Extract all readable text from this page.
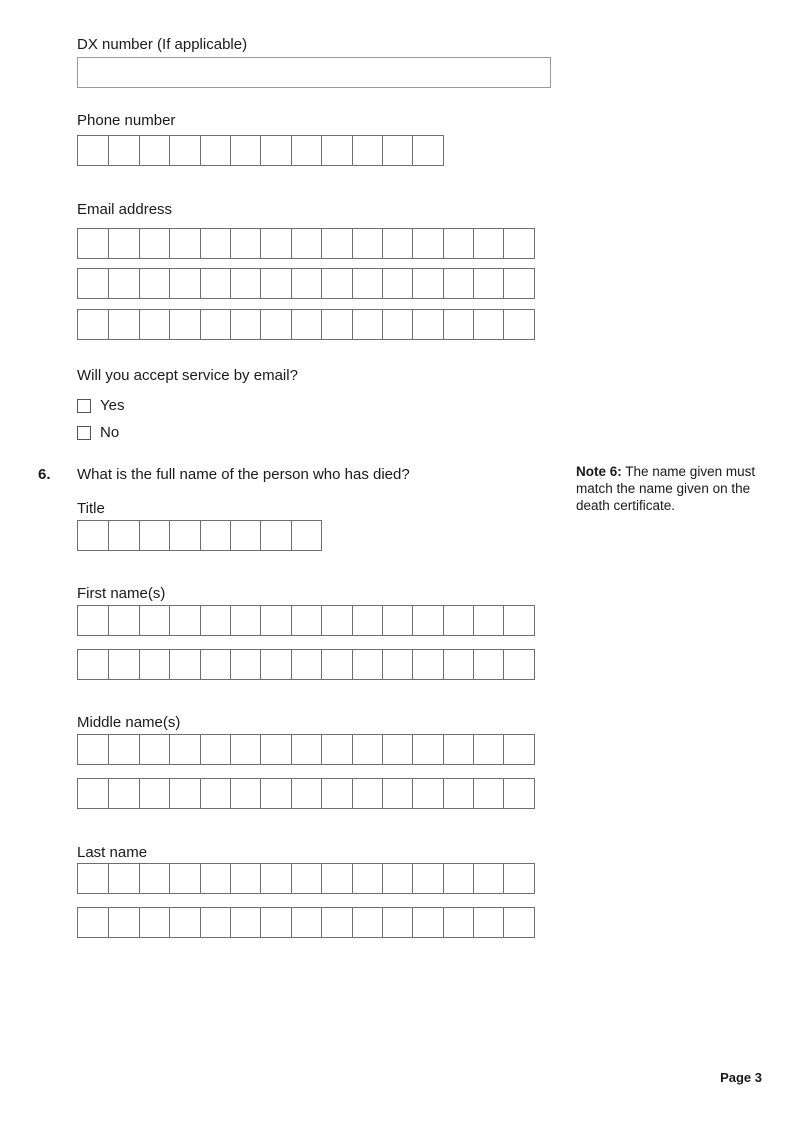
DX number (If applicable)
Phone number
Email address
Will you accept service by email?
Yes
No
6. What is the full name of the person who has died?	Note 6: The name given must match the name given on the death certificate.
Title
First name(s)
Middle name(s)
Last name
Page 3
